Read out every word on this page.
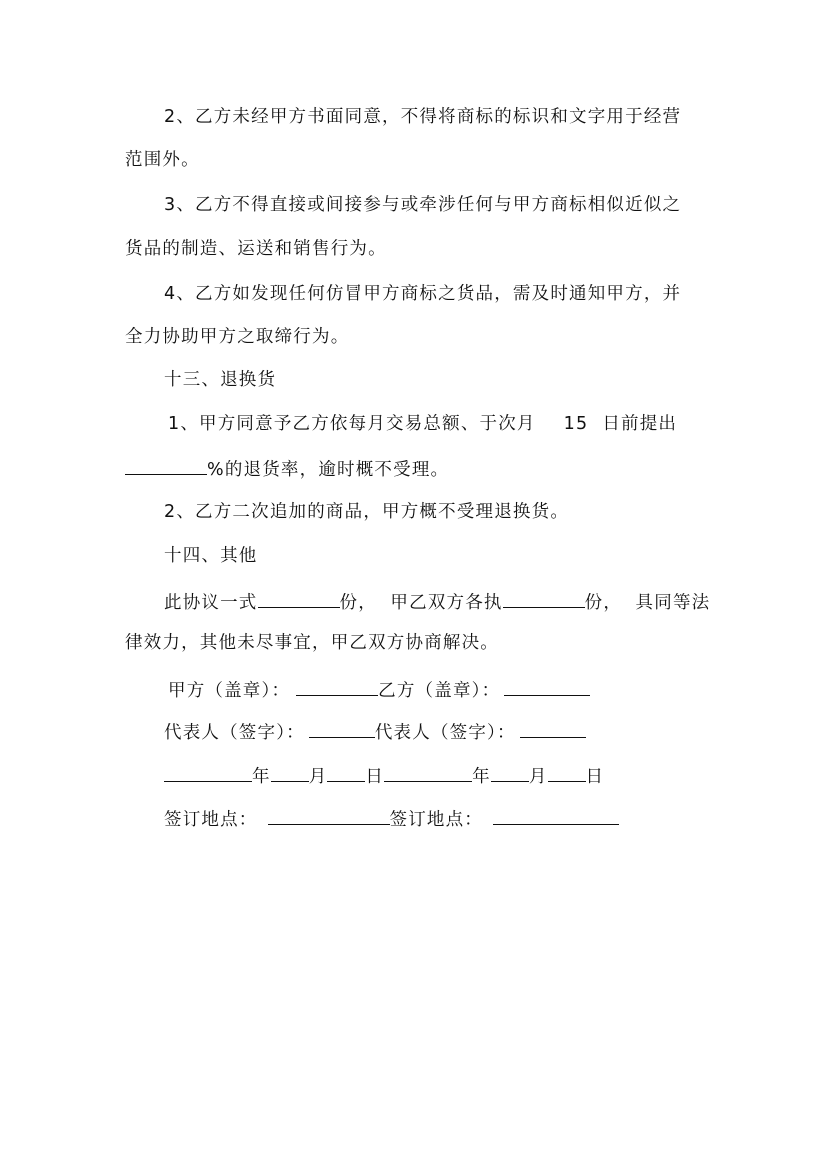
2、乙方未经甲方书面同意，不得将商标的标识和文字用于经营
范围外。
3、乙方不得直接或间接参与或牵涉任何与甲方商标相似近似之
货品的制造、运送和销售行为。
4、乙方如发现任何仿冒甲方商标之货品，需及时通知甲方，并
全力协助甲方之取缔行为。
十三、退换货
1、甲方同意予乙方依每月交易总额、于次月 15 日前提出
%的退货率，逾时概不受理。
2、乙方二次追加的商品，甲方概不受理退换货。
十四、其他
此协议一式	份，  甲乙双方各执	份，  具同等法
律效力，其他未尽事宜，甲乙双方协商解决。
甲方（盖章）：	乙方（盖章）：
代表人（签字）：	代表人（签字）：
年 月 日	年 月 日
签订地点：	签订地点：
